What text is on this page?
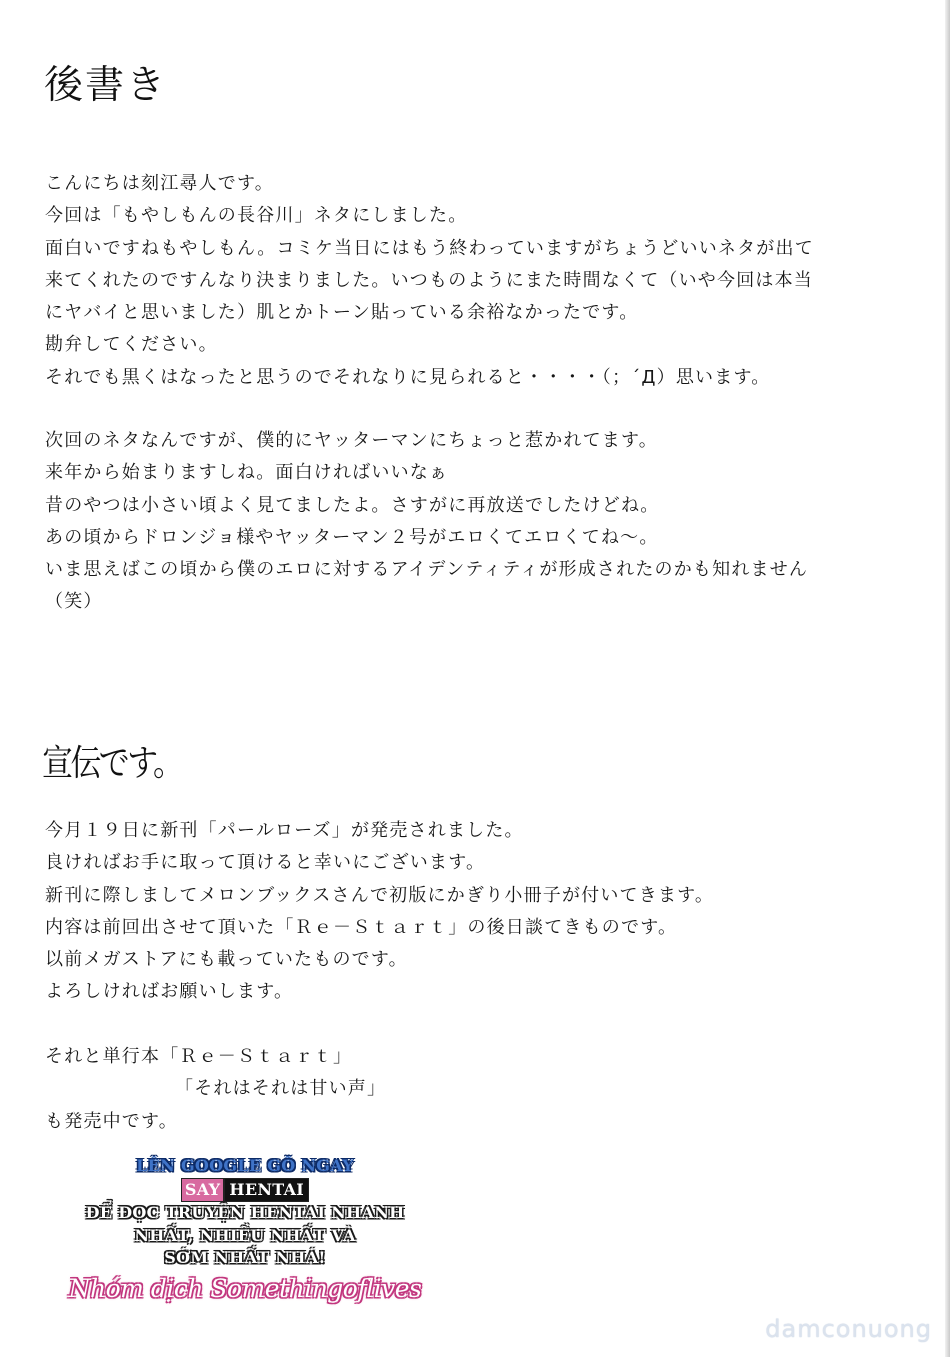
後書き
こんにちは刻江尋人です。
今回は「もやしもんの長谷川」ネタにしました。
面白いですねもやしもん。コミケ当日にはもう終わっていますがちょうどいいネタが出て
来てくれたのですんなり決まりました。いつものようにまた時間なくて（いや今回は本当
にヤバイと思いました）肌とかトーン貼っている余裕なかったです。
勘弁してください。
それでも黒くはなったと思うのでそれなりに見られると・・・・（；´Д）思います。
次回のネタなんですが、僕的にヤッターマンにちょっと惹かれてます。
来年から始まりますしね。面白ければいいなぁ
昔のやつは小さい頃よく見てましたよ。さすがに再放送でしたけどね。
あの頃からドロンジョ様やヤッターマン２号がエロくてエロくてね～。
いま思えばこの頃から僕のエロに対するアイデンティティが形成されたのかも知れません
（笑）
宣伝です。
今月１９日に新刊「パールローズ」が発売されました。
良ければお手に取って頂けると幸いにございます。
新刊に際しましてメロンブックスさんで初版にかぎり小冊子が付いてきます。
内容は前回出させて頂いた「Ｒｅ－Ｓｔａｒｔ」の後日談てきものです。
以前メガストアにも載っていたものです。
よろしければお願いします。
それと単行本「Ｒｅ－Ｓｔａｒｔ」
「それはそれは甘い声」
も発売中です。
LÊN GOOGLE GÕ NGAY
SAY HENTAI
ĐỂ ĐỌC TRUYỆN HENTAI NHANH
NHẤT, NHIỀU NHẤT VÀ
SỚM NHẤT NHÁ!
Nhóm dịch Somethingoflives
damconuong
